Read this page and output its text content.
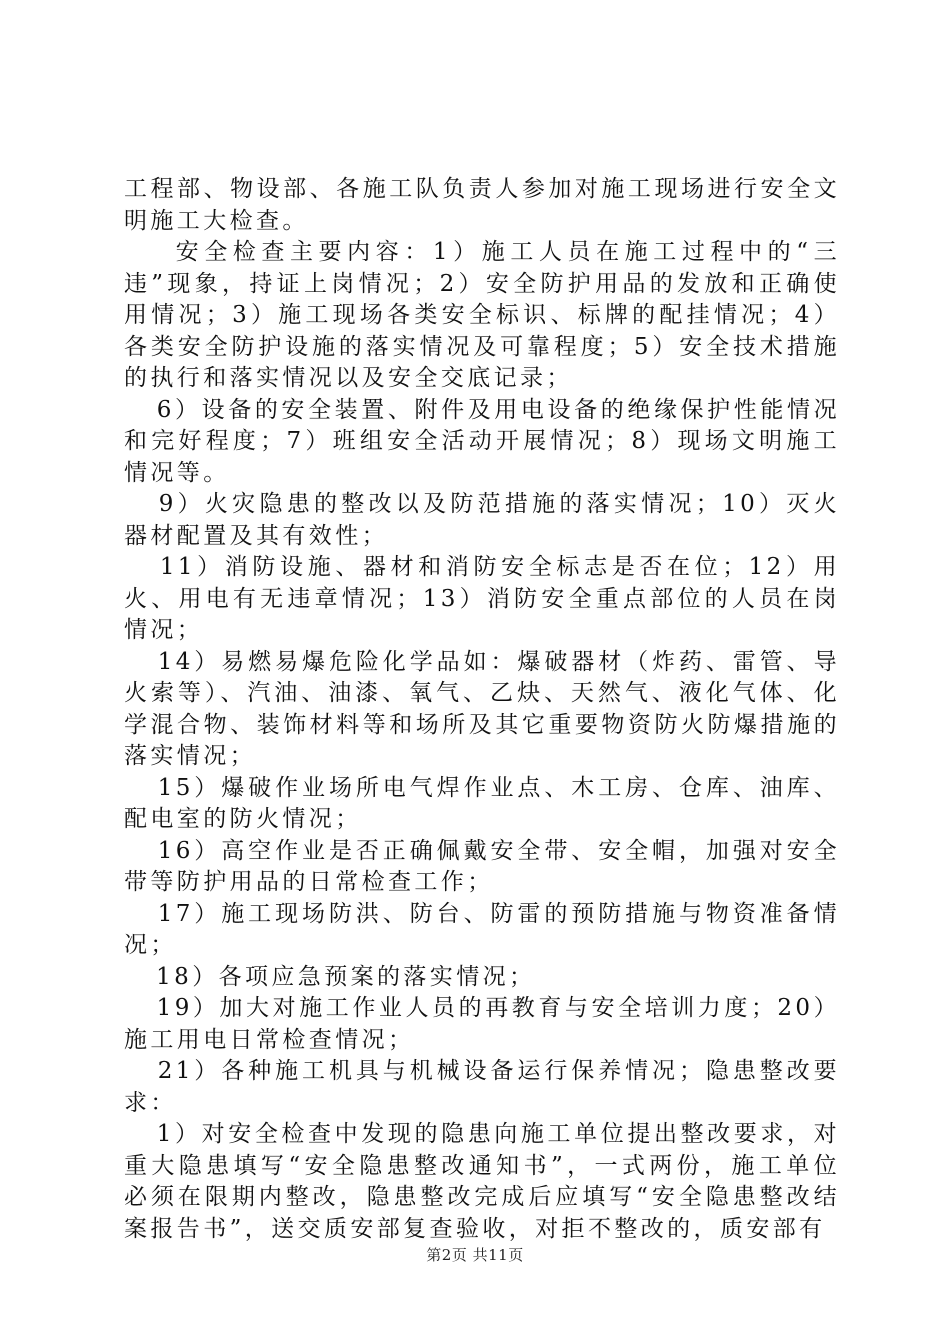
工程部、物设部、各施工队负责人参加对施工现场进行安全文明施工大检查。

安全检查主要内容：1）施工人员在施工过程中的“三违”现象，持证上岗情况；2）安全防护用品的发放和正确使用情况；3）施工现场各类安全标识、标牌的配挂情况；4）各类安全防护设施的落实情况及可靠程度；5）安全技术措施的执行和落实情况以及安全交底记录；

6）设备的安全装置、附件及用电设备的绝缘保护性能情况和完好程度；7）班组安全活动开展情况；8）现场文明施工情况等。

9）火灾隐患的整改以及防范措施的落实情况；10）灭火器材配置及其有效性；

11）消防设施、器材和消防安全标志是否在位；12）用火、用电有无违章情况；13）消防安全重点部位的人员在岗情况；

14）易燃易爆危险化学品如：爆破器材（炸药、雷管、导火索等）、汽油、油漆、氧气、乙炔、天然气、液化气体、化学混合物、装饰材料等和场所及其它重要物资防火防爆措施的落实情况；

15）爆破作业场所电气焊作业点、木工房、仓库、油库、配电室的防火情况；

16）高空作业是否正确佩戴安全带、安全帽，加强对安全带等防护用品的日常检查工作；

17）施工现场防洪、防台、防雷的预防措施与物资准备情况；

18）各项应急预案的落实情况；

19）加大对施工作业人员的再教育与安全培训力度；20）施工用电日常检查情况；

21）各种施工机具与机械设备运行保养情况；隐患整改要求：

1）对安全检查中发现的隐患向施工单位提出整改要求，对重大隐患填写“安全隐患整改通知书”，一式两份，施工单位必须在限期内整改，隐患整改完成后应填写“安全隐患整改结案报告书”，送交质安部复查验收，对拒不整改的，质安部有

第2页 共11页
